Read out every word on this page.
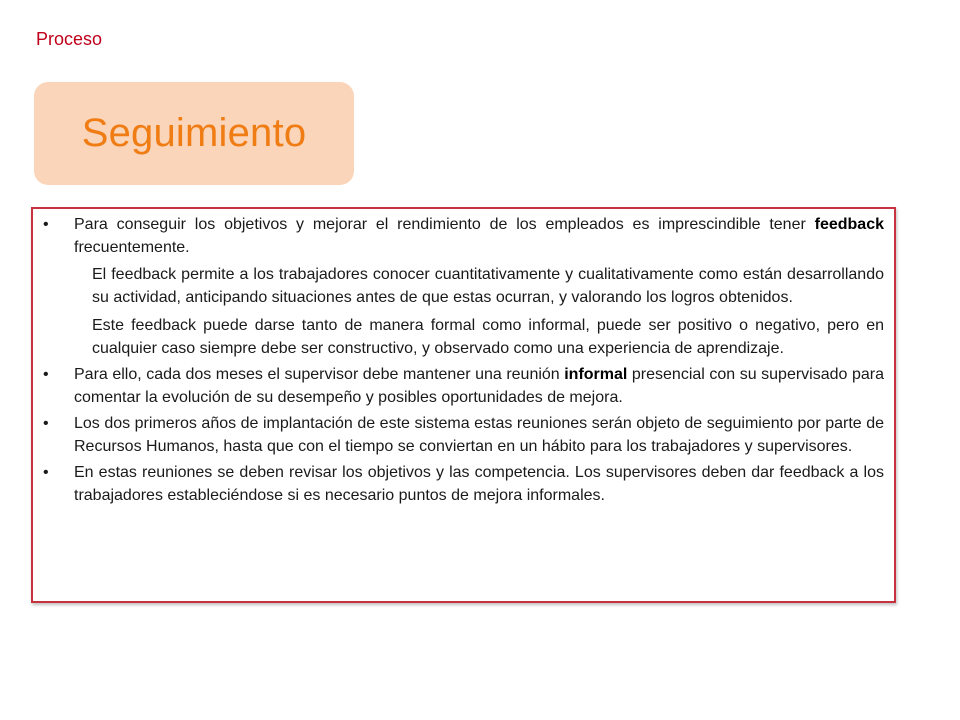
Proceso
Seguimiento
•	Para conseguir los objetivos y mejorar el rendimiento de los empleados es imprescindible tener feedback frecuentemente.
El feedback permite a los trabajadores conocer cuantitativamente y cualitativamente como están desarrollando su actividad, anticipando situaciones antes de que estas ocurran, y valorando los logros obtenidos.
Este feedback puede darse tanto de manera formal como informal, puede ser positivo o negativo, pero en cualquier caso siempre debe ser constructivo, y observado como una experiencia de aprendizaje.
•	Para ello, cada dos meses el supervisor debe mantener una reunión informal presencial con su supervisado para comentar la evolución de su desempeño y posibles oportunidades de mejora.
•	Los dos primeros años de implantación de este sistema estas reuniones serán objeto de seguimiento por parte de Recursos Humanos, hasta que con el tiempo se conviertan en un hábito para los trabajadores y supervisores.
•	En estas reuniones se deben revisar los objetivos y las competencia. Los supervisores deben dar feedback a los trabajadores estableciéndose si es necesario puntos de mejora informales.
